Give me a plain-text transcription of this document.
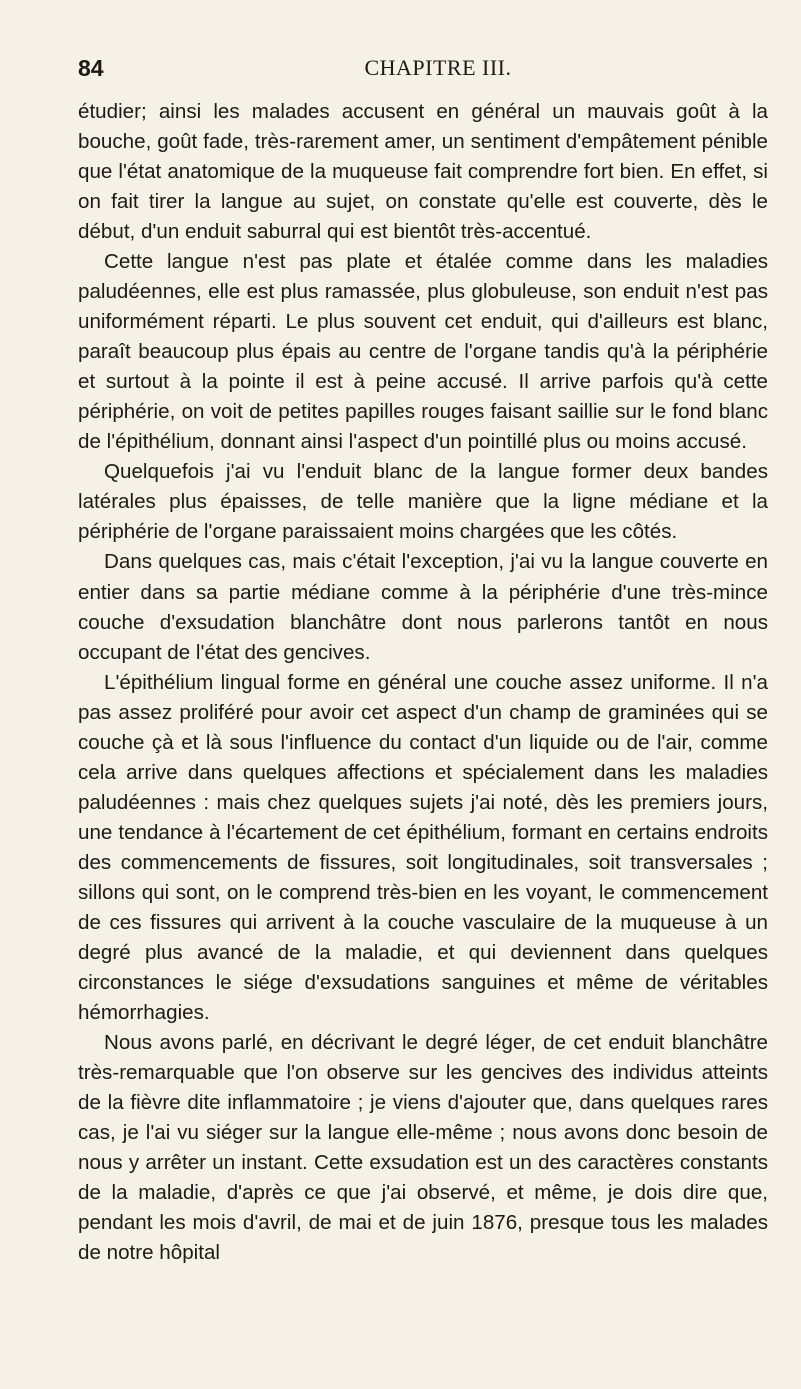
84	CHAPITRE III.

étudier; ainsi les malades accusent en général un mauvais goût à la bouche, goût fade, très-rarement amer, un sentiment d'empâtement pénible que l'état anatomique de la muqueuse fait comprendre fort bien. En effet, si on fait tirer la langue au sujet, on constate qu'elle est couverte, dès le début, d'un enduit saburral qui est bientôt très-accentué.

Cette langue n'est pas plate et étalée comme dans les maladies paludéennes, elle est plus ramassée, plus globuleuse, son enduit n'est pas uniformément réparti. Le plus souvent cet enduit, qui d'ailleurs est blanc, paraît beaucoup plus épais au centre de l'organe tandis qu'à la périphérie et surtout à la pointe il est à peine accusé. Il arrive parfois qu'à cette périphérie, on voit de petites papilles rouges faisant saillie sur le fond blanc de l'épithélium, donnant ainsi l'aspect d'un pointillé plus ou moins accusé.

Quelquefois j'ai vu l'enduit blanc de la langue former deux bandes latérales plus épaisses, de telle manière que la ligne médiane et la périphérie de l'organe paraissaient moins chargées que les côtés.

Dans quelques cas, mais c'était l'exception, j'ai vu la langue couverte en entier dans sa partie médiane comme à la périphérie d'une très-mince couche d'exsudation blanchâtre dont nous parlerons tantôt en nous occupant de l'état des gencives.

L'épithélium lingual forme en général une couche assez uniforme. Il n'a pas assez proliféré pour avoir cet aspect d'un champ de graminées qui se couche çà et là sous l'influence du contact d'un liquide ou de l'air, comme cela arrive dans quelques affections et spécialement dans les maladies paludéennes : mais chez quelques sujets j'ai noté, dès les premiers jours, une tendance à l'écartement de cet épithélium, formant en certains endroits des commencements de fissures, soit longitudinales, soit transversales ; sillons qui sont, on le comprend très-bien en les voyant, le commencement de ces fissures qui arrivent à la couche vasculaire de la muqueuse à un degré plus avancé de la maladie, et qui deviennent dans quelques circonstances le siége d'exsudations sanguines et même de véritables hémorrhagies.

Nous avons parlé, en décrivant le degré léger, de cet enduit blanchâtre très-remarquable que l'on observe sur les gencives des individus atteints de la fièvre dite inflammatoire ; je viens d'ajouter que, dans quelques rares cas, je l'ai vu siéger sur la langue elle-même ; nous avons donc besoin de nous y arrêter un instant. Cette exsudation est un des caractères constants de la maladie, d'après ce que j'ai observé, et même, je dois dire que, pendant les mois d'avril, de mai et de juin 1876, presque tous les malades de notre hôpital
